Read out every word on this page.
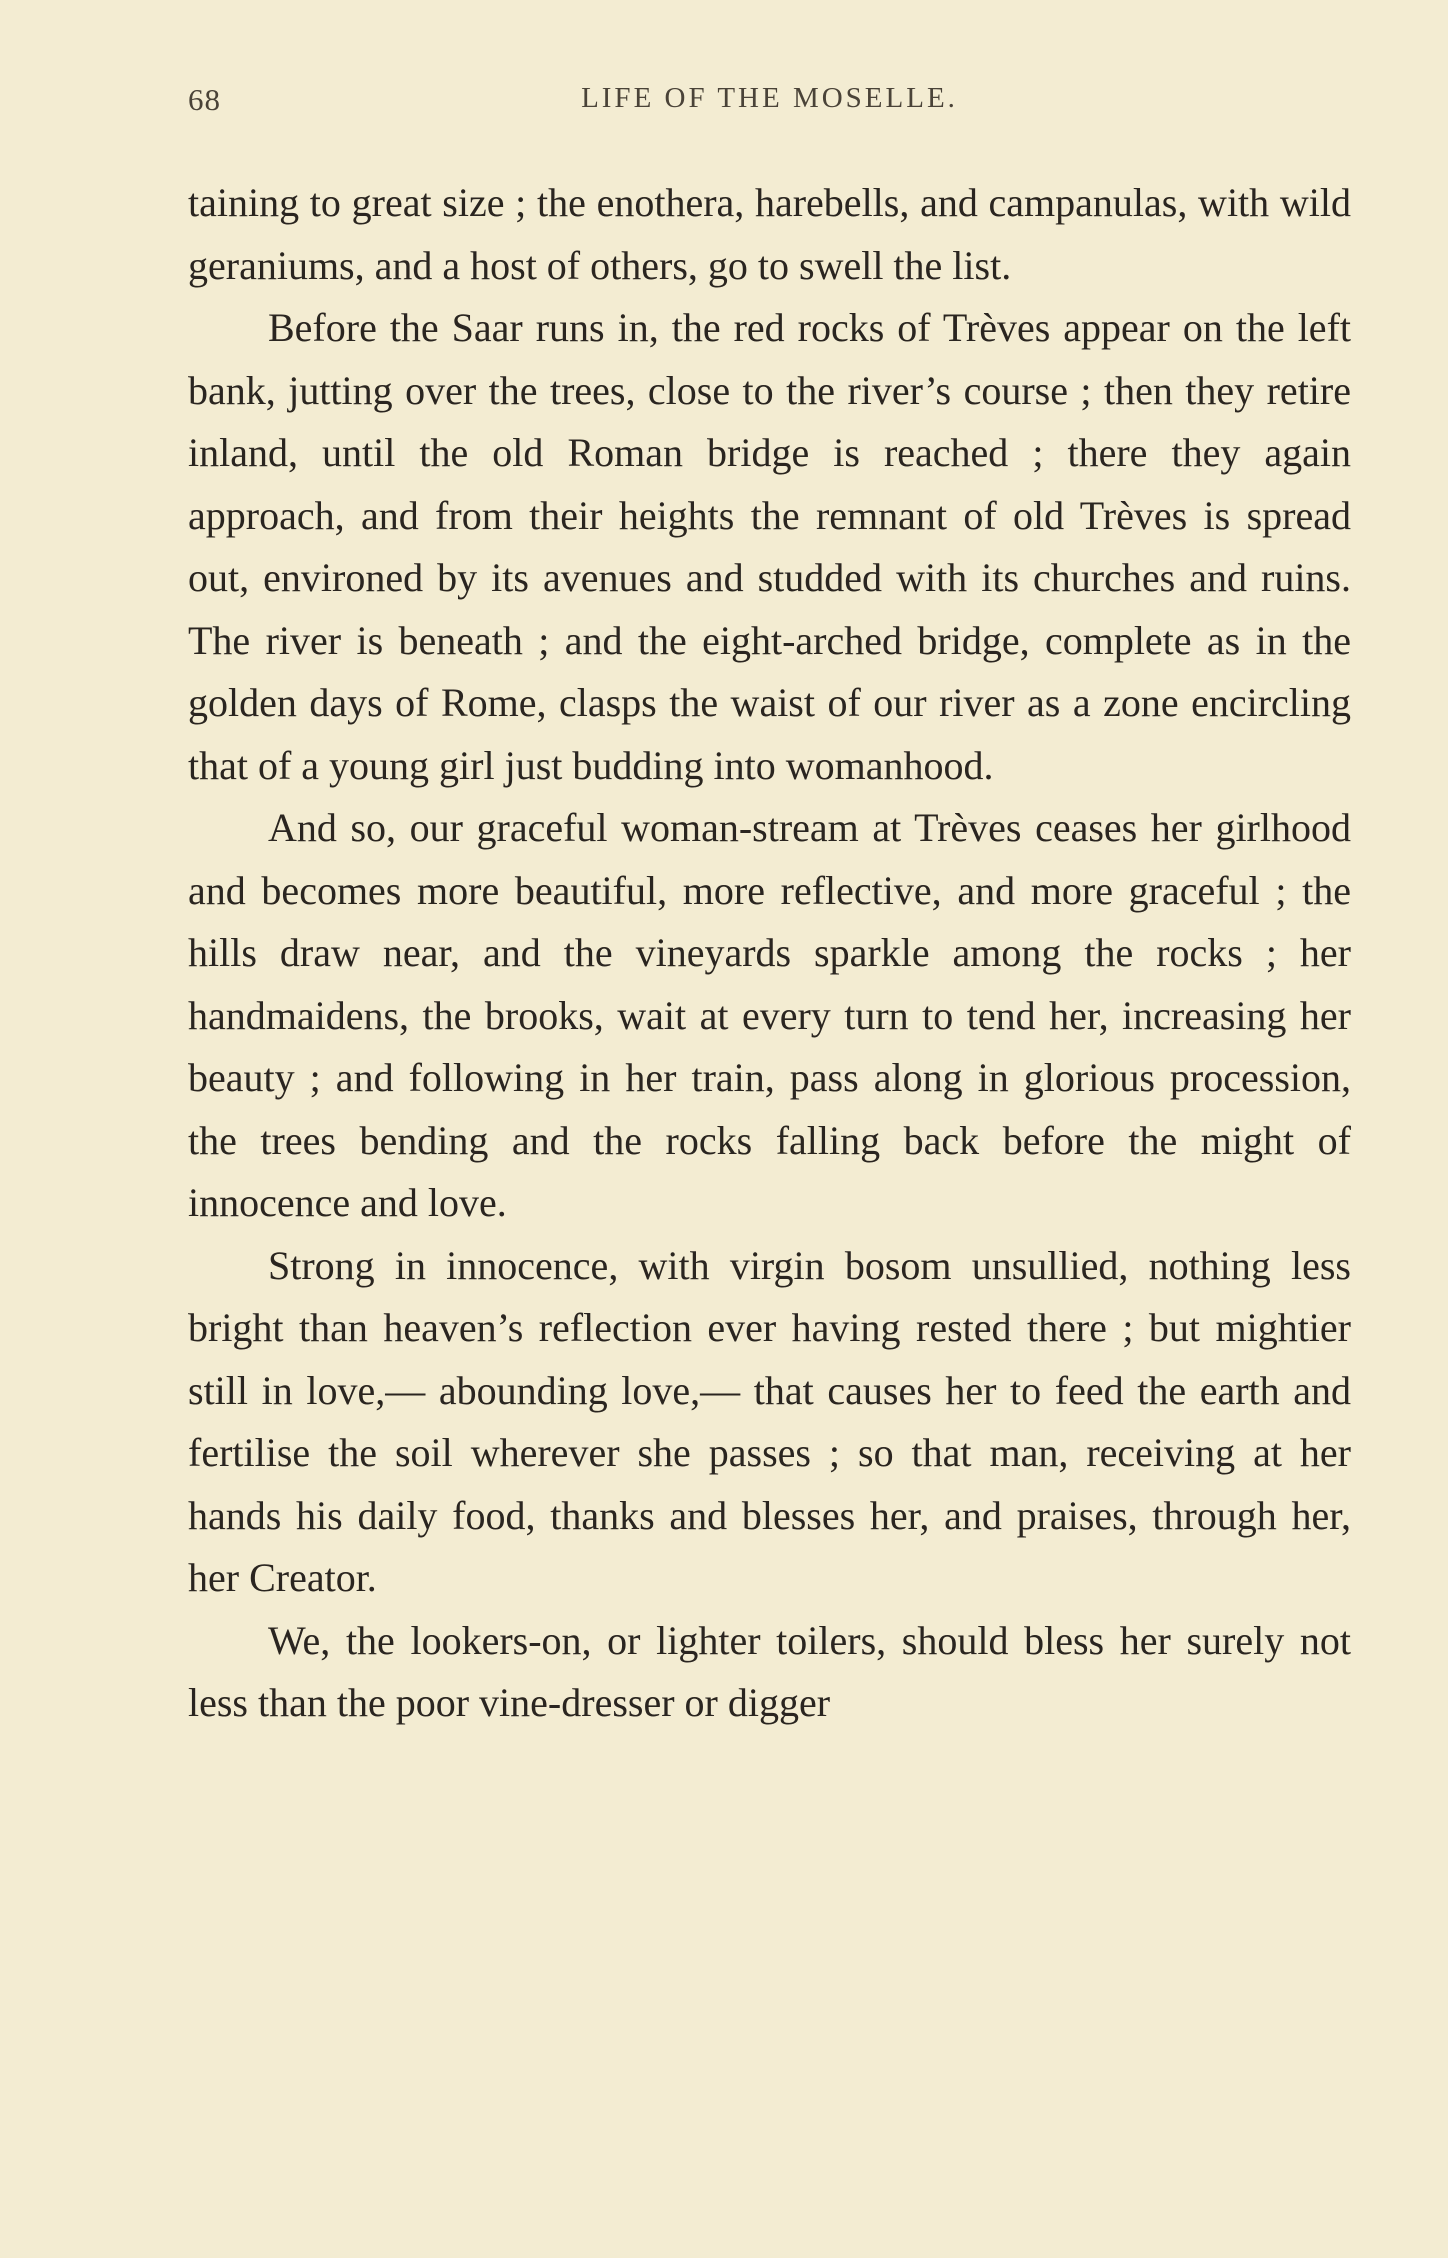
68	LIFE OF THE MOSELLE.

taining to great size ; the enothera, harebells, and campanulas, with wild geraniums, and a host of others, go to swell the list.

Before the Saar runs in, the red rocks of Trèves appear on the left bank, jutting over the trees, close to the river’s course ; then they retire inland, until the old Roman bridge is reached ; there they again approach, and from their heights the remnant of old Trèves is spread out, environed by its avenues and studded with its churches and ruins. The river is beneath ; and the eight-arched bridge, complete as in the golden days of Rome, clasps the waist of our river as a zone encircling that of a young girl just budding into womanhood.

And so, our graceful woman-stream at Trèves ceases her girlhood and becomes more beautiful, more reflective, and more graceful ; the hills draw near, and the vineyards sparkle among the rocks ; her handmaidens, the brooks, wait at every turn to tend her, increasing her beauty ; and following in her train, pass along in glorious procession, the trees bending and the rocks falling back before the might of innocence and love.

Strong in innocence, with virgin bosom unsullied, nothing less bright than heaven’s reflection ever having rested there ; but mightier still in love,— abounding love,— that causes her to feed the earth and fertilise the soil wherever she passes ; so that man, receiving at her hands his daily food, thanks and blesses her, and praises, through her, her Creator.

We, the lookers-on, or lighter toilers, should bless her surely not less than the poor vine-dresser or digger
